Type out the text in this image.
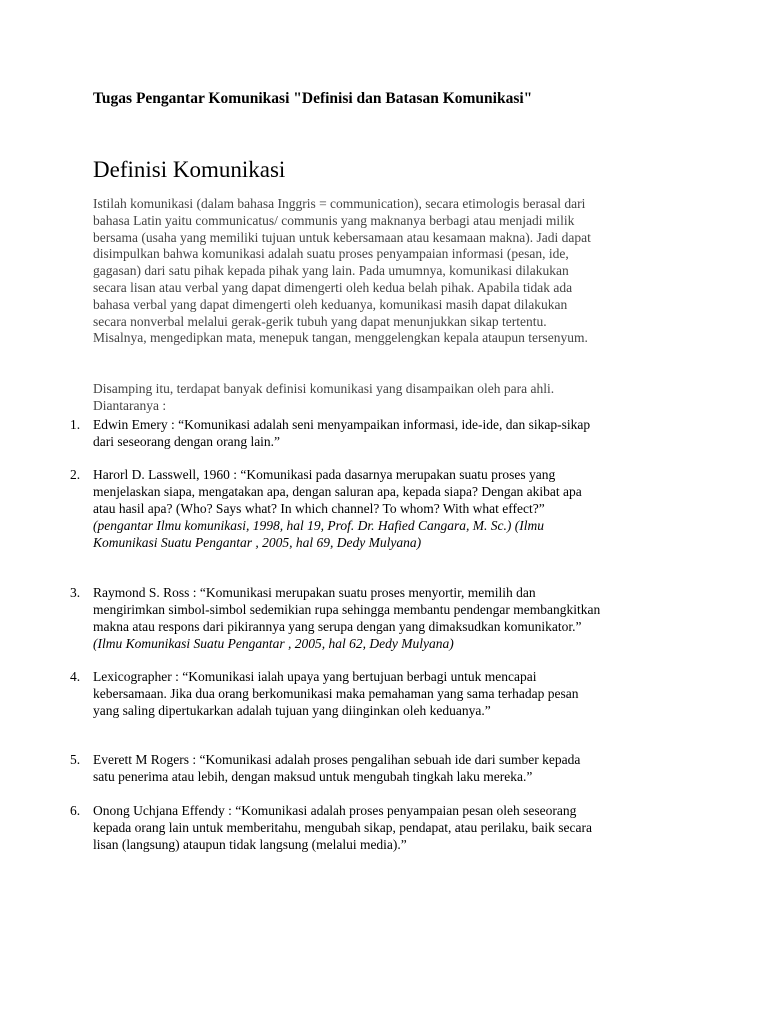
Tugas Pengantar Komunikasi "Definisi dan Batasan Komunikasi"
Definisi Komunikasi
Istilah komunikasi (dalam bahasa Inggris = communication), secara etimologis berasal dari
bahasa Latin yaitu communicatus/ communis yang maknanya berbagi atau menjadi milik
bersama (usaha yang memiliki tujuan untuk kebersamaan atau kesamaan makna). Jadi dapat
disimpulkan bahwa komunikasi adalah suatu proses penyampaian informasi (pesan, ide,
gagasan) dari satu pihak kepada pihak yang lain. Pada umumnya, komunikasi dilakukan
secara lisan atau verbal yang dapat dimengerti oleh kedua belah pihak. Apabila tidak ada
bahasa verbal yang dapat dimengerti oleh keduanya, komunikasi masih dapat dilakukan
secara nonverbal melalui gerak-gerik tubuh yang dapat menunjukkan sikap tertentu.
Misalnya, mengedipkan mata, menepuk tangan, menggelengkan kepala ataupun tersenyum.
Disamping itu, terdapat banyak definisi komunikasi yang disampaikan oleh para ahli.
Diantaranya :
1. Edwin Emery : “Komunikasi adalah seni menyampaikan informasi, ide-ide, dan sikap-sikap
dari seseorang dengan orang lain.”
2. Harorl D. Lasswell, 1960 : “Komunikasi pada dasarnya merupakan suatu proses yang
menjelaskan siapa, mengatakan apa, dengan saluran apa, kepada siapa? Dengan akibat apa
atau hasil apa? (Who? Says what? In which channel? To whom? With what effect?”
(pengantar Ilmu komunikasi, 1998, hal 19, Prof. Dr. Hafied Cangara, M. Sc.) (Ilmu
Komunikasi Suatu Pengantar , 2005, hal 69, Dedy Mulyana)
3. Raymond S. Ross : “Komunikasi merupakan suatu proses menyortir, memilih dan
mengirimkan simbol-simbol sedemikian rupa sehingga membantu pendengar membangkitkan
makna atau respons dari pikirannya yang serupa dengan yang dimaksudkan komunikator.”
(Ilmu Komunikasi Suatu Pengantar , 2005, hal 62, Dedy Mulyana)
4. Lexicographer : “Komunikasi ialah upaya yang bertujuan berbagi untuk mencapai
kebersamaan. Jika dua orang berkomunikasi maka pemahaman yang sama terhadap pesan
yang saling dipertukarkan adalah tujuan yang diinginkan oleh keduanya.”
5. Everett M Rogers : “Komunikasi adalah proses pengalihan sebuah ide dari sumber kepada
satu penerima atau lebih, dengan maksud untuk mengubah tingkah laku mereka.”
6. Onong Uchjana Effendy : “Komunikasi adalah proses penyampaian pesan oleh seseorang
kepada orang lain untuk memberitahu, mengubah sikap, pendapat, atau perilaku, baik secara
lisan (langsung) ataupun tidak langsung (melalui media).”
